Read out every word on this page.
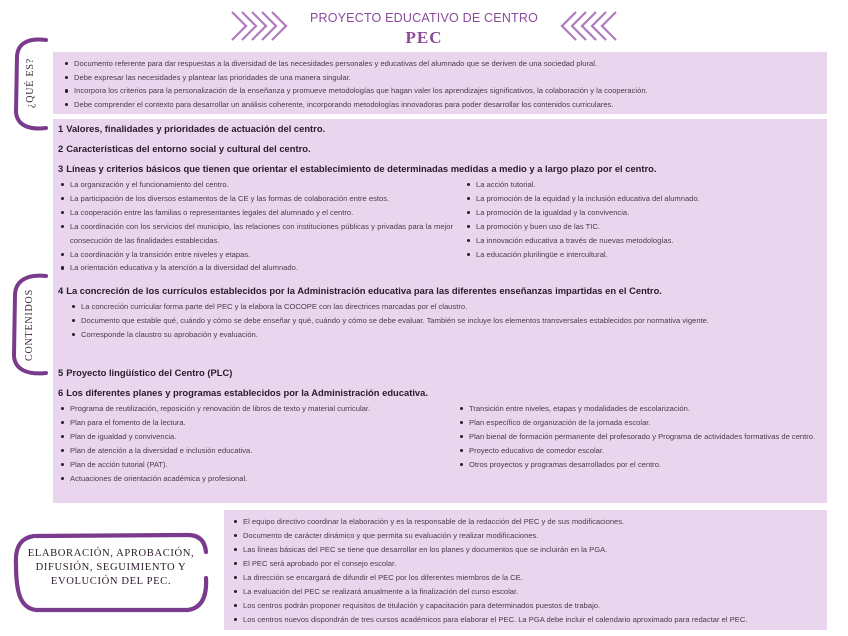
PROYECTO EDUCATIVO DE CENTRO
PEC
¿QUÉ ES?	Documento referente para dar respuestas a la diversidad de las necesidades personales y educativas del alumnado que se deriven de una sociedad plural.
Debe expresar las necesidades y plantear las prioridades de una manera singular.
Incorpora los criterios para la personalización de la enseñanza y promueve metodologías que hagan valer los aprendizajes significativos, la colaboración y la cooperación.
Debe comprender el contexto para desarrollar un análisis coherente, incorporando metodologías innovadoras para poder desarrollar los contenidos curriculares.
CONTENIDOS
1 Valores, finalidades y prioridades de actuación del centro.
2 Características del entorno social y cultural del centro.
3 Líneas y criterios básicos que tienen que orientar el establecimiento de determinadas medidas a medio y a largo plazo por el centro.
La organización y el funcionamiento del centro.
La participación de los diversos estamentos de la CE y las formas de colaboración entre estos.
La cooperación entre las familias o representantes legales del alumnado y el centro.
La coordinación con los servicios del municipio, las relaciones con instituciones públicas y privadas para la mejor consecución de las finalidades establecidas.
La coordinación y la transición entre niveles y etapas.
La orientación educativa y la atención a la diversidad del alumnado.
La acción tutorial.
La promoción de la equidad y la inclusión educativa del alumnado.
La promoción de la igualdad y la convivencia.
La promoción y buen uso de las TIC.
La innovación educativa a través de nuevas metodologías.
La educación plurilingüe e intercultural.
4 La concreción de los currículos establecidos por la Administración educativa para las diferentes enseñanzas impartidas en el Centro.
La concreción curricular forma parte del PEC y la elabora la COCOPE con las directrices marcadas por el claustro.
Documento que estable qué, cuándo y cómo se debe enseñar y qué, cuándo y cómo se debe evaluar. También se incluye los elementos transversales establecidos por normativa vigente.
Corresponde la claustro su aprobación y evaluación.
5 Proyecto lingüístico del Centro (PLC)
6 Los diferentes planes y programas establecidos por la Administración educativa.
Programa de reutilización, reposición y renovación de libros de texto y material curricular.
Plan para el fomento de la lectura.
Plan de igualdad y convivencia.
Plan de atención a la diversidad e inclusión educativa.
Plan de acción tutorial (PAT).
Actuaciones de orientación académica y profesional.
Transición entre niveles, etapas y modalidades de escolarización.
Plan específico de organización de la jornada escolar.
Plan bienal de formación permanente del profesorado y Programa de actividades formativas de centro.
Proyecto educativo de comedor escolar.
Otros proyectos y programas desarrollados por el centro.
ELABORACIÓN, APROBACIÓN,
DIFUSIÓN, SEGUIMIENTO Y
EVOLUCIÓN DEL PEC.
El equipo directivo coordinar la elaboración y es la responsable de la redacción del PEC y de sus modificaciones.
Documento de carácter dinámico y que permita su evaluación y realizar modificaciones.
Las líneas básicas del PEC se tiene que desarrollar en los planes y documentos que se incluirán en la PGA.
El PEC será aprobado por el consejo escolar.
La dirección se encargará de difundir el PEC por los diferentes miembros de la CE.
La evaluación del PEC se realizará anualmente a la finalización del curso escolar.
Los centros podrán proponer requisitos de titulación y capacitación para determinados puestos de trabajo.
Los centros nuevos dispondrán de tres cursos académicos para elaborar el PEC. La PGA debe incluir el calendario aproximado para redactar el PEC.
